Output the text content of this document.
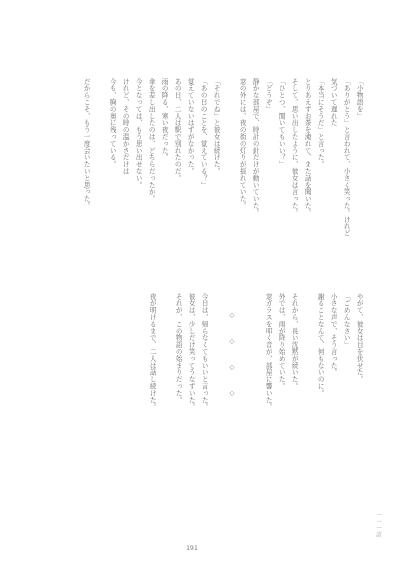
一一一語
「小物語を」
「ありがとう」と言われて、小さく笑った。けれど
気づいて遅れた
「本当にそうだ」と言った。
とりあえずお茶を淹れて、また話を聞いた。
そして、思い出したように、彼女は言った。
「ひとつ、聞いてもいい？」
「どうぞ」
静かな部屋で、時計の針だけが動いていた。
窓の外には、夜の街の灯りが揺れていた。
「それでね」と彼女は続けた。
「あの日のことを、覚えている？」
覚えていないはずがなかった。
あの日、二人は駅で別れたのだ。
雨の降る、寒い夜だった。
傘を差し出したのは、どちらだったか。
今となっては、もう思い出せない。
けれど、その時の温かさだけは
今も、胸の奥に残っている。
だからこそ、もう一度会いたいと思った。
◇◇◇◇
やがて、彼女は目を伏せた。
「ごめんなさい」
小さな声で、そう言った。
謝ることなんて、何もないのに。
それから、長い沈黙が続いた。
外では、雨が降り始めていた。
窓ガラスを叩く音が、部屋に響いた。
今日は、帰らなくてもいいと言った。
彼女は、少しだけ笑ってうなずいた。
それが、この物語の始まりだった。
夜が明けるまで、二人は話し続けた。
191
